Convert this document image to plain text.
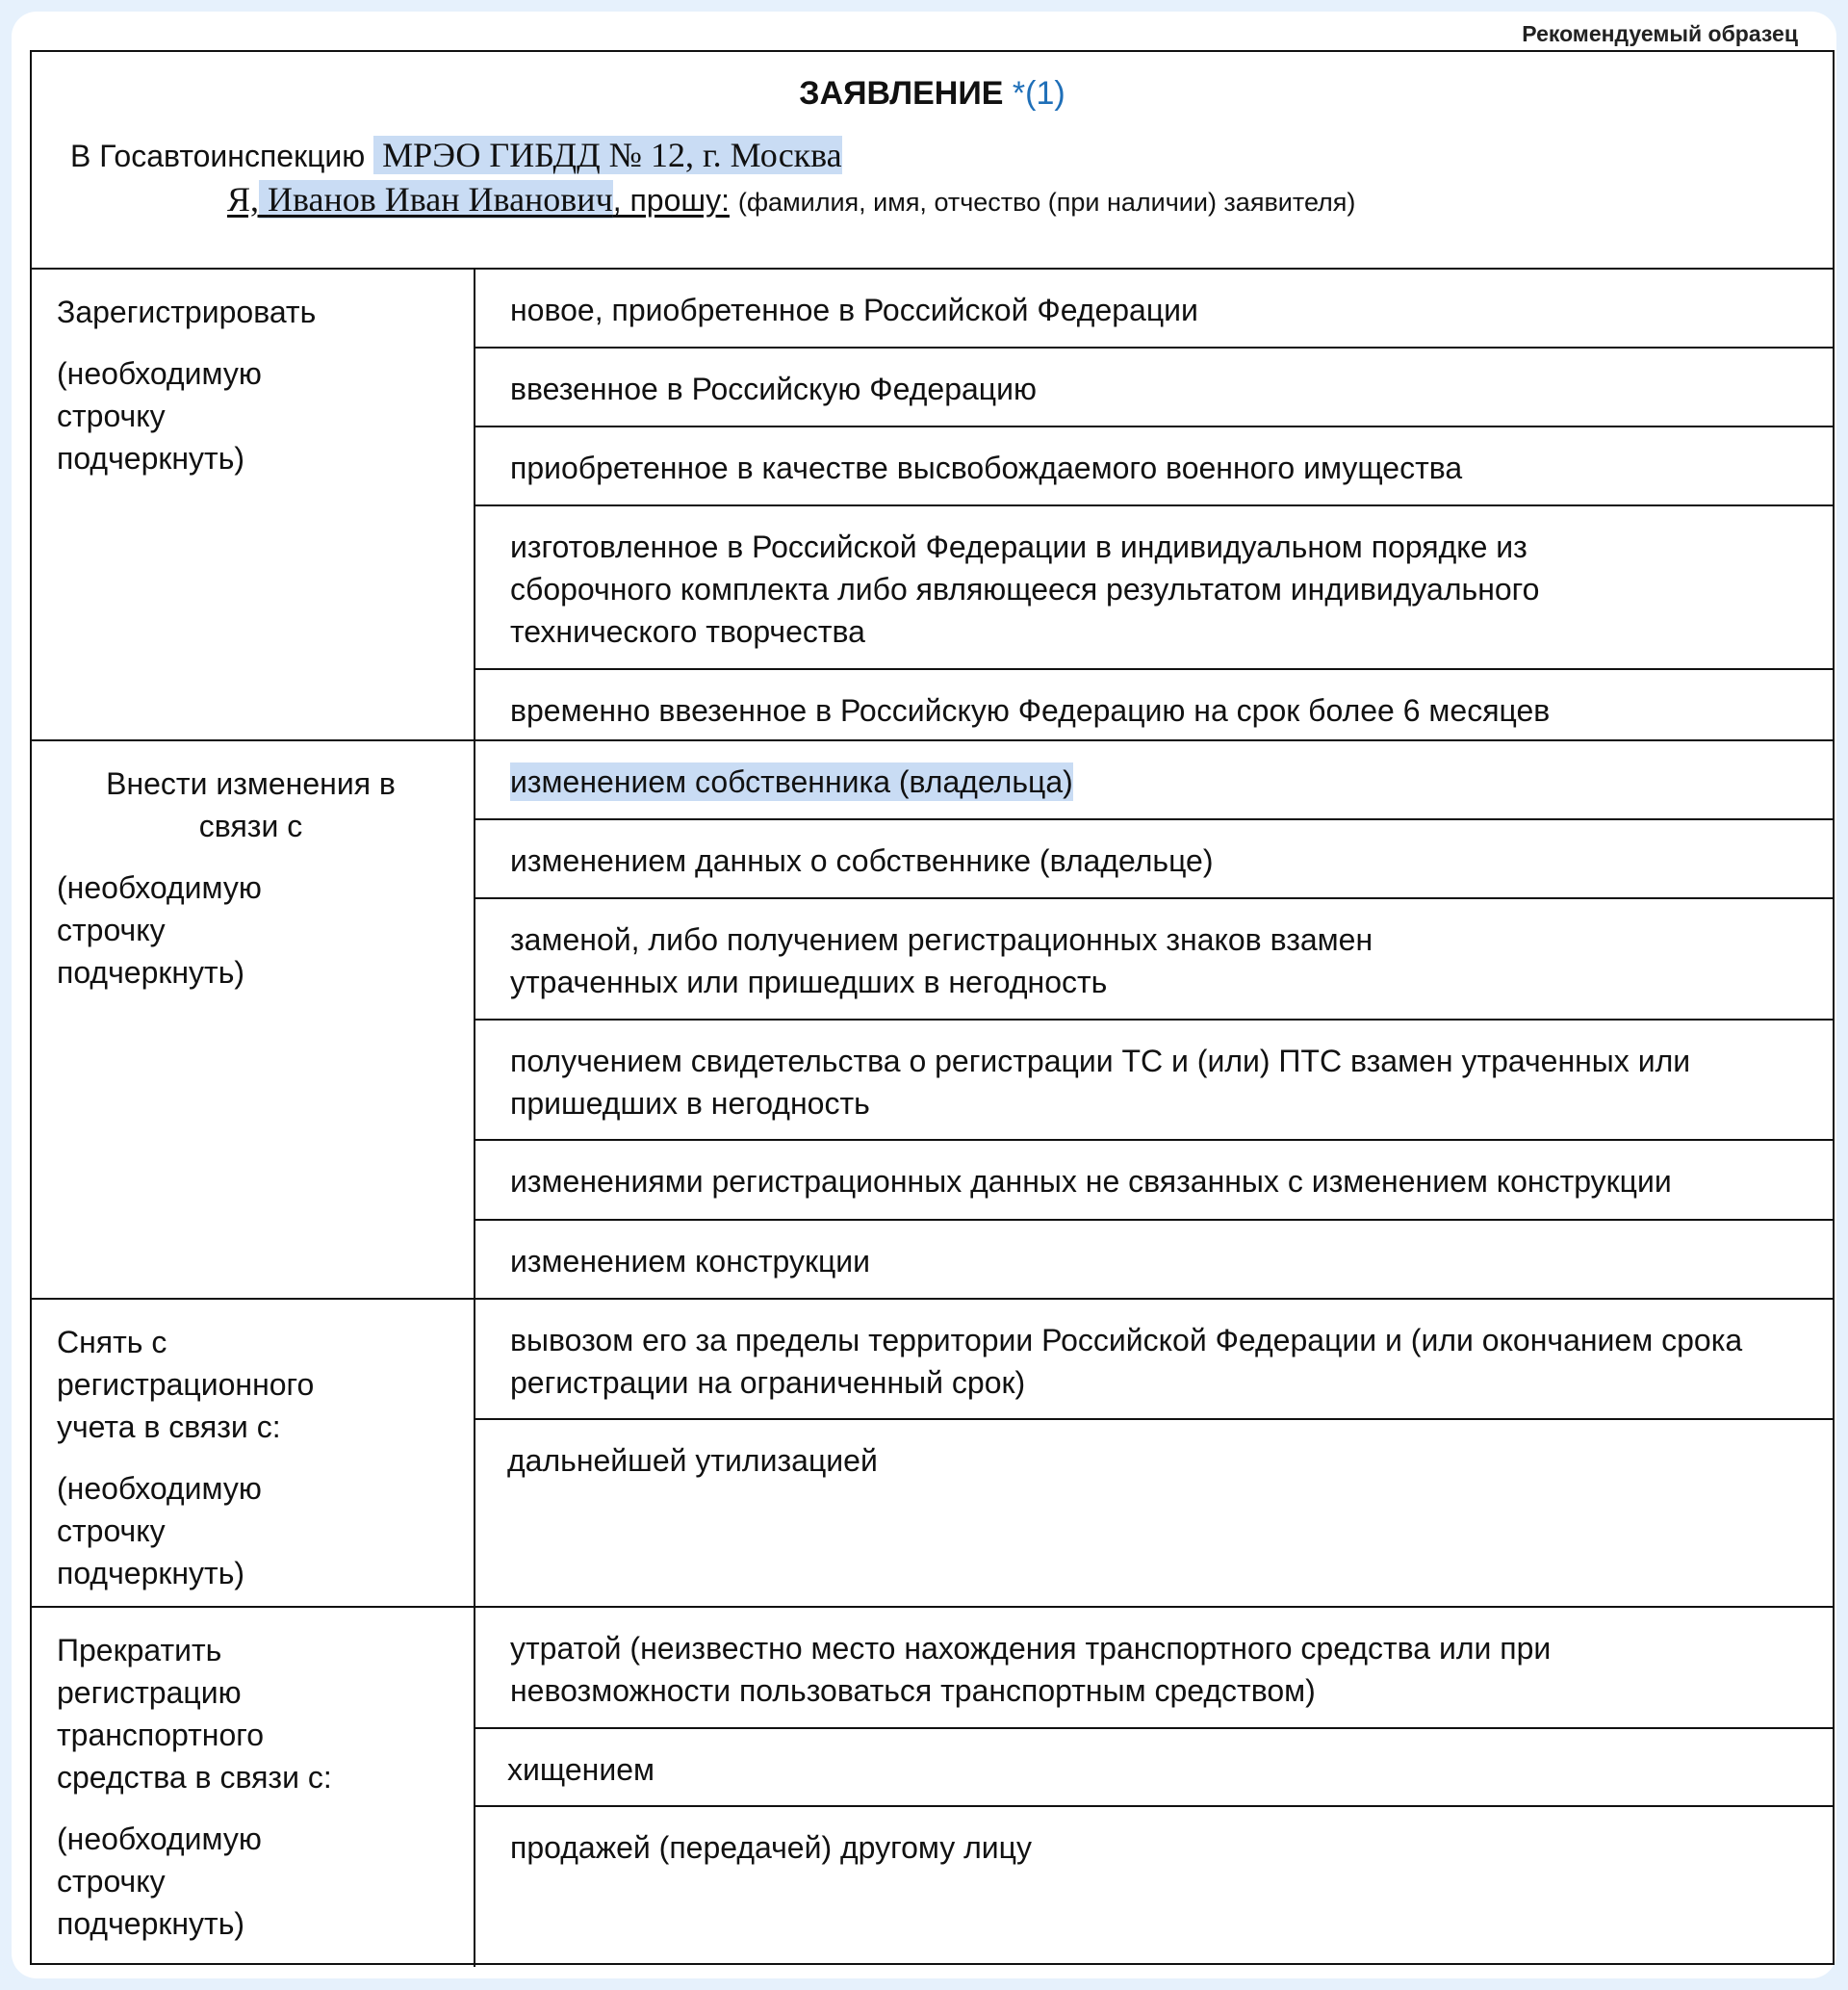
Рекомендуемый образец
ЗАЯВЛЕНИЕ *(1)
В Госавтоинспекцию МРЭО ГИБДД № 12, г. Москва
Я, Иванов Иван Иванович, прошу: (фамилия, имя, отчество (при наличии) заявителя)
Зарегистрировать
(необходимую строчку подчеркнуть)
новое, приобретенное в Российской Федерации
ввезенное в Российскую Федерацию
приобретенное в качестве высвобождаемого военного имущества
изготовленное в Российской Федерации в индивидуальном порядке из сборочного комплекта либо являющееся результатом индивидуального технического творчества
временно ввезенное в Российскую Федерацию на срок более 6 месяцев
Внести изменения в связи с
(необходимую строчку подчеркнуть)
изменением собственника (владельца)
изменением данных о собственнике (владельце)
заменой, либо получением регистрационных знаков взамен утраченных или пришедших в негодность
получением свидетельства о регистрации ТС и (или) ПТС взамен утраченных или пришедших в негодность
изменениями регистрационных данных не связанных с изменением конструкции
изменением конструкции
Снять с регистрационного учета в связи с:
(необходимую строчку подчеркнуть)
вывозом его за пределы территории Российской Федерации и (или окончанием срока регистрации на ограниченный срок)
дальнейшей утилизацией
Прекратить регистрацию транспортного средства в связи с:
(необходимую строчку подчеркнуть)
утратой (неизвестно место нахождения транспортного средства или при невозможности пользоваться транспортным средством)
хищением
продажей (передачей) другому лицу
